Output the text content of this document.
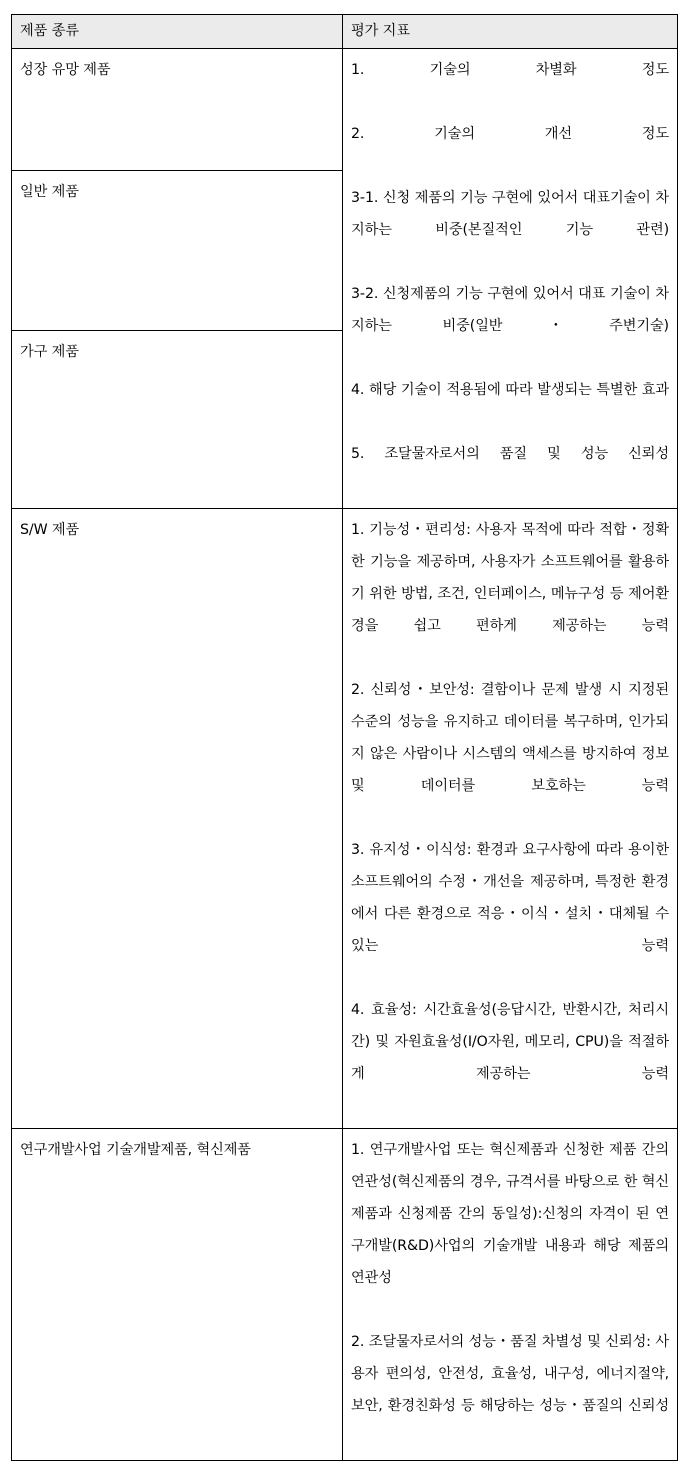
제품 종류	평가 지표
성장 유망 제품	1. 기술의 차별화 정도
2. 기술의 개선 정도
3-1. 신청 제품의 기능 구현에 있어서 대표기술이 차지하는 비중(본질적인 기능 관련)
3-2. 신청제품의 기능 구현에 있어서 대표 기술이 차지하는 비중(일반・주변기술)
4. 해당 기술이 적용됨에 따라 발생되는 특별한 효과
5. 조달물자로서의 품질 및 성능 신뢰성

일반 제품	
가구 제품	
S/W 제품	1. 기능성・편리성: 사용자 목적에 따라 적합・정확한 기능을 제공하며, 사용자가 소프트웨어를 활용하기 위한 방법, 조건, 인터페이스, 메뉴구성 등 제어환경을 쉽고 편하게 제공하는 능력
2. 신뢰성・보안성: 결함이나 문제 발생 시 지정된 수준의 성능을 유지하고 데이터를 복구하며, 인가되지 않은 사람이나 시스템의 액세스를 방지하여 정보 및 데이터를 보호하는 능력
3. 유지성・이식성: 환경과 요구사항에 따라 용이한 소프트웨어의 수정・개선을 제공하며, 특정한 환경에서 다른 환경으로 적응・이식・설치・대체될 수 있는 능력
4. 효율성: 시간효율성(응답시간, 반환시간, 처리시간) 및 자원효율성(I/O자원, 메모리, CPU)을 적절하게 제공하는 능력

연구개발사업 기술개발제품, 혁신제품	1. 연구개발사업 또는 혁신제품과 신청한 제품 간의 연관성(혁신제품의 경우, 규격서를 바탕으로 한 혁신제품과 신청제품 간의 동일성):신청의 자격이 된 연구개발(R&D)사업의 기술개발 내용과 해당 제품의 연관성
2. 조달물자로서의 성능・품질 차별성 및 신뢰성: 사용자 편의성, 안전성, 효율성, 내구성, 에너지절약, 보안, 환경친화성 등 해당하는 성능・품질의 신뢰성
